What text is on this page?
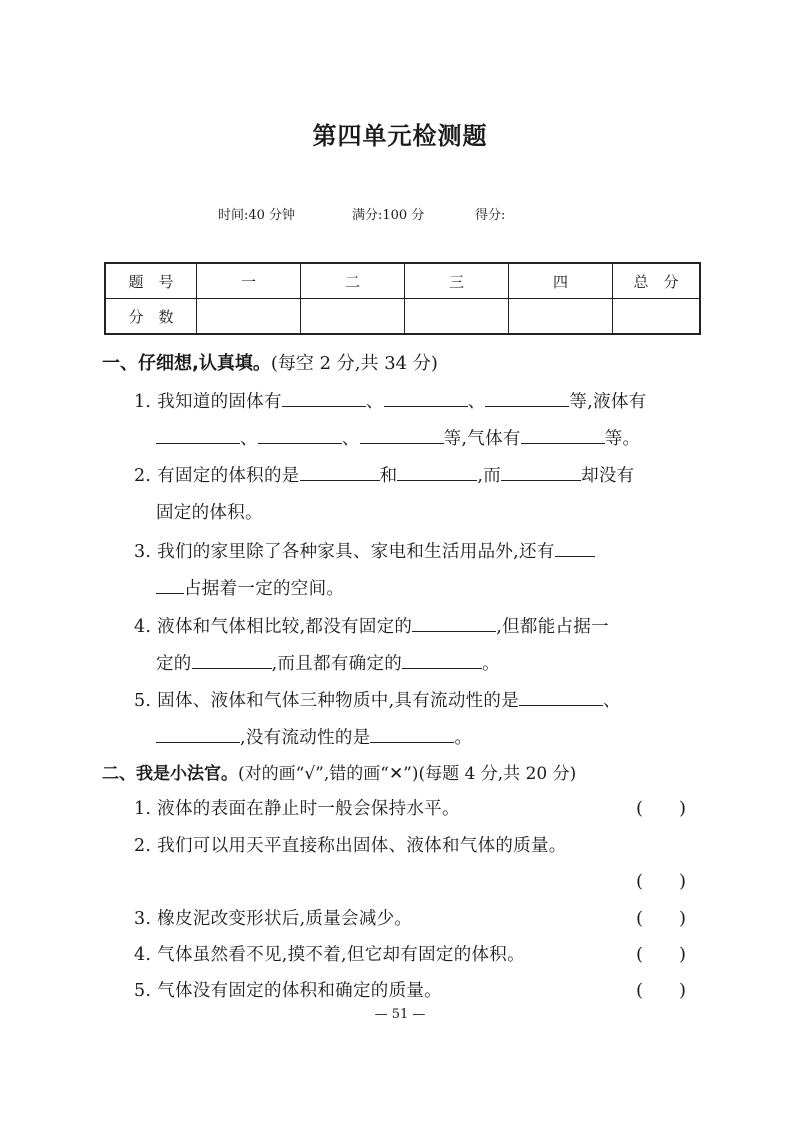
第四单元检测题
时间:40 分钟	满分:100 分	得分:
题　号	一	二	三	四	总　分
分　数					
一、仔细想,认真填。(每空 2 分,共 34 分)
1. 我知道的固体有	、	、	等,液体有
、	、	等,气体有	等。
2. 有固定的体积的是	和	,而	却没有
固定的体积。
3. 我们的家里除了各种家具、家电和生活用品外,还有
占据着一定的空间。
4. 液体和气体相比较,都没有固定的	,但都能占据一
定的	,而且都有确定的	。
5. 固体、液体和气体三种物质中,具有流动性的是	、
,没有流动性的是	。
二、我是小法官。(对的画“√”,错的画“✕”)(每题 4 分,共 20 分)
1. 液体的表面在静止时一般会保持水平。	(　　)
2. 我们可以用天平直接称出固体、液体和气体的质量。
(　　)
3. 橡皮泥改变形状后,质量会减少。	(　　)
4. 气体虽然看不见,摸不着,但它却有固定的体积。	(　　)
5. 气体没有固定的体积和确定的质量。	(　　)
— 51 —
